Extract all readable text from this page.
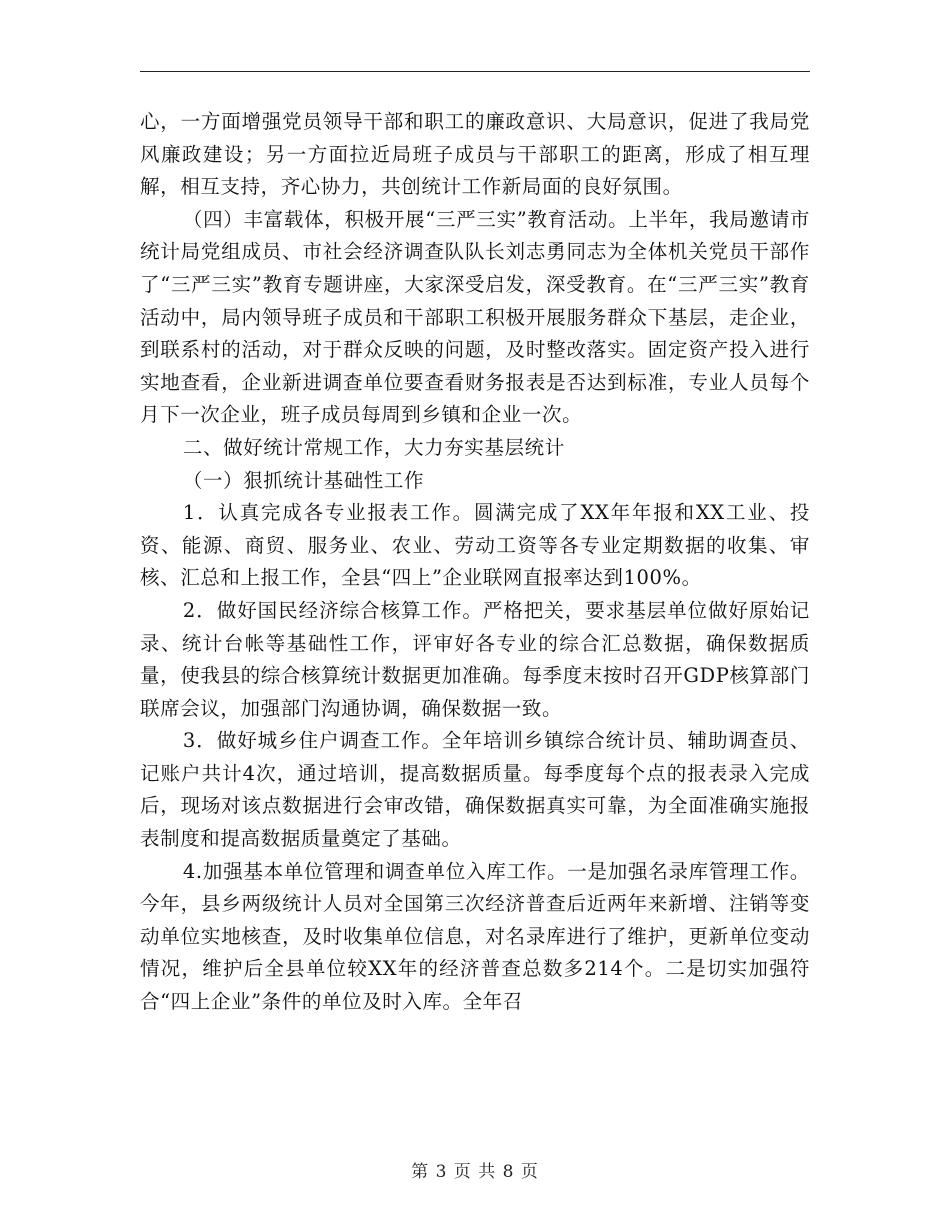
心，一方面增强党员领导干部和职工的廉政意识、大局意识，促进了我局党风廉政建设；另一方面拉近局班子成员与干部职工的距离，形成了相互理解，相互支持，齐心协力，共创统计工作新局面的良好氛围。

（四）丰富载体，积极开展“三严三实”教育活动。上半年，我局邀请市统计局党组成员、市社会经济调查队队长刘志勇同志为全体机关党员干部作了“三严三实”教育专题讲座，大家深受启发，深受教育。在“三严三实”教育活动中，局内领导班子成员和干部职工积极开展服务群众下基层，走企业，到联系村的活动，对于群众反映的问题，及时整改落实。固定资产投入进行实地查看，企业新进调查单位要查看财务报表是否达到标准，专业人员每个月下一次企业，班子成员每周到乡镇和企业一次。

二、做好统计常规工作，大力夯实基层统计

（一）狠抓统计基础性工作

1．认真完成各专业报表工作。圆满完成了XX年年报和XX工业、投资、能源、商贸、服务业、农业、劳动工资等各专业定期数据的收集、审核、汇总和上报工作，全县“四上”企业联网直报率达到100%。

2．做好国民经济综合核算工作。严格把关，要求基层单位做好原始记录、统计台帐等基础性工作，评审好各专业的综合汇总数据，确保数据质量，使我县的综合核算统计数据更加准确。每季度末按时召开GDP核算部门联席会议，加强部门沟通协调，确保数据一致。

3．做好城乡住户调查工作。全年培训乡镇综合统计员、辅助调查员、记账户共计4次，通过培训，提高数据质量。每季度每个点的报表录入完成后，现场对该点数据进行会审改错，确保数据真实可靠，为全面准确实施报表制度和提高数据质量奠定了基础。

4.加强基本单位管理和调查单位入库工作。一是加强名录库管理工作。今年，县乡两级统计人员对全国第三次经济普查后近两年来新增、注销等变动单位实地核查，及时收集单位信息，对名录库进行了维护，更新单位变动情况，维护后全县单位较XX年的经济普查总数多214个。二是切实加强符合“四上企业”条件的单位及时入库。全年召

第 3 页 共 8 页
